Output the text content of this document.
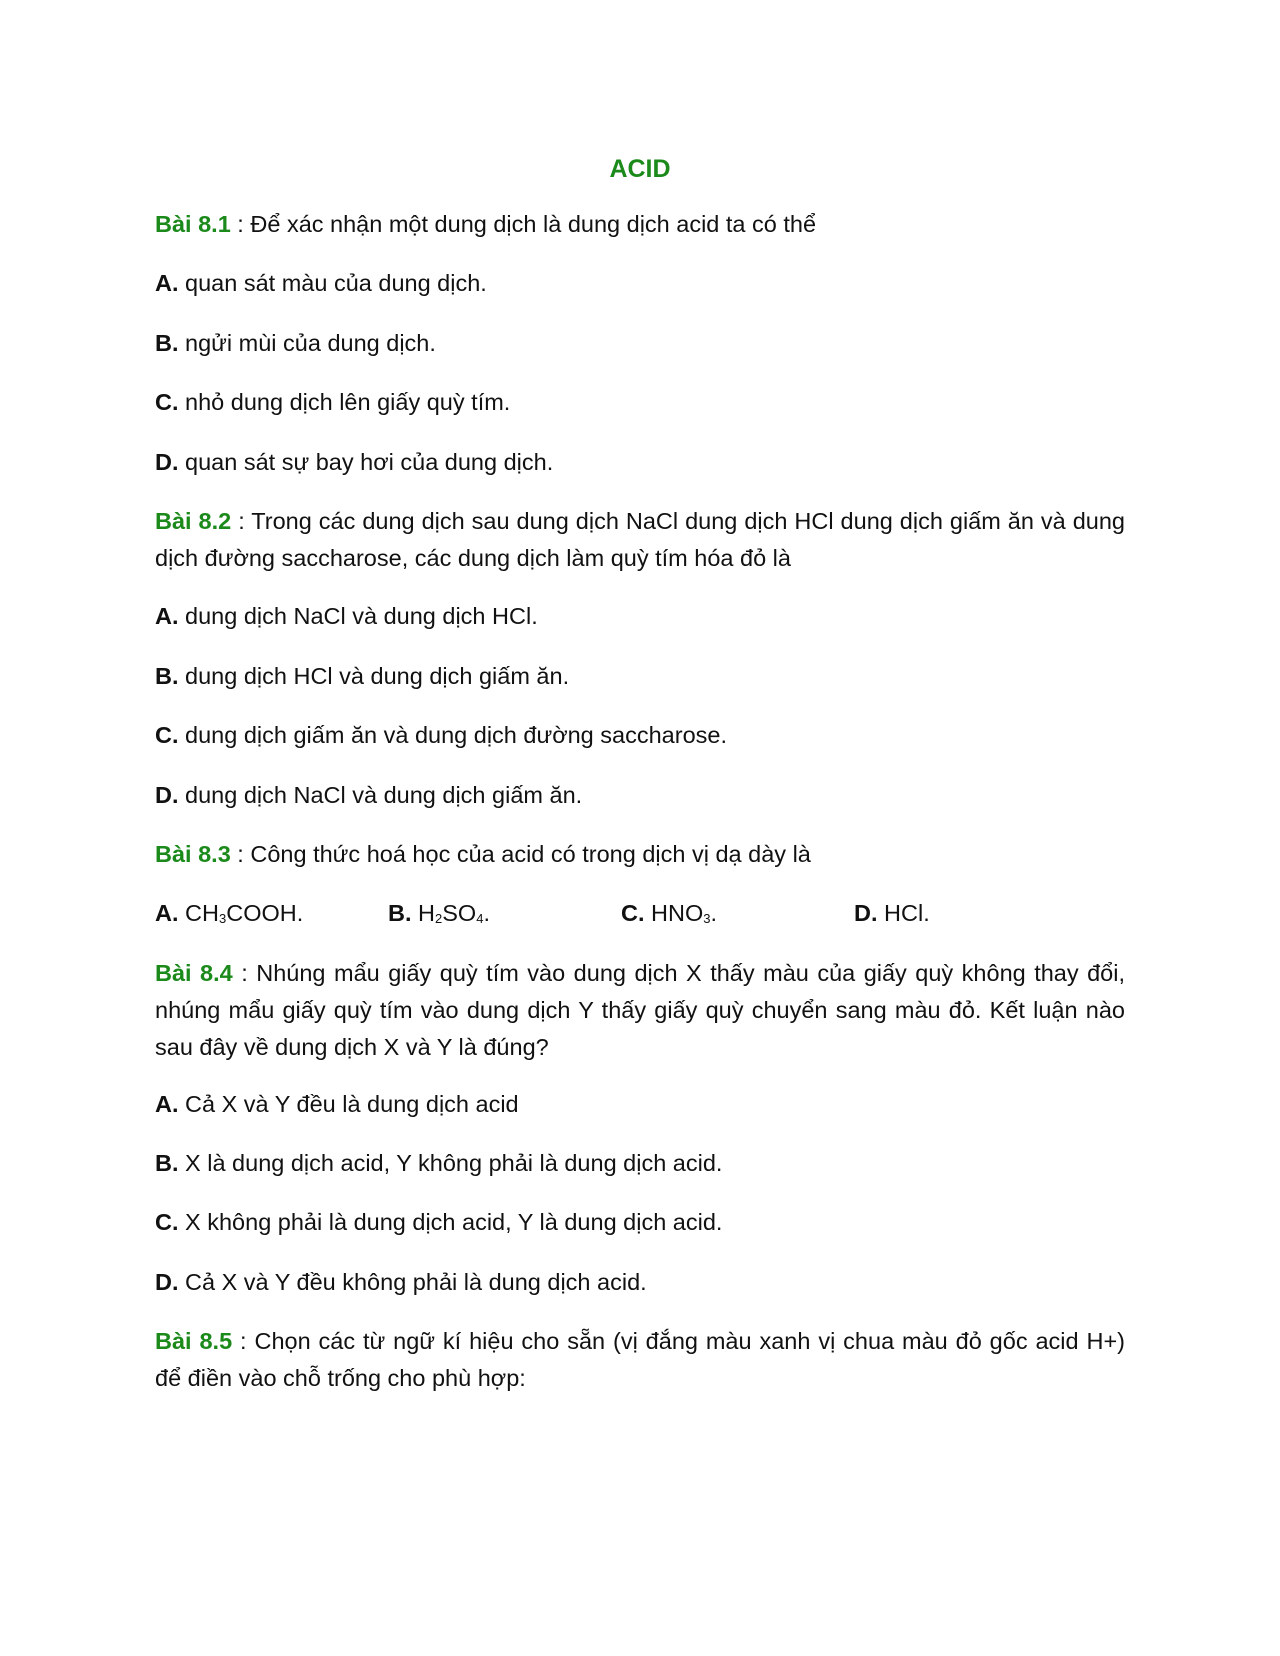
ACID
Bài 8.1 : Để xác nhận một dung dịch là dung dịch acid ta có thể
A. quan sát màu của dung dịch.
B. ngửi mùi của dung dịch.
C. nhỏ dung dịch lên giấy quỳ tím.
D. quan sát sự bay hơi của dung dịch.
Bài 8.2 : Trong các dung dịch sau dung dịch NaCl dung dịch HCl dung dịch giấm ăn và dung dịch đường saccharose, các dung dịch làm quỳ tím hóa đỏ là
A. dung dịch NaCl và dung dịch HCl.
B. dung dịch HCl và dung dịch giấm ăn.
C. dung dịch giấm ăn và dung dịch đường saccharose.
D. dung dịch NaCl và dung dịch giấm ăn.
Bài 8.3 : Công thức hoá học của acid có trong dịch vị dạ dày là
A. CH3COOH.	B. H2SO4.	C. HNO3.	D. HCl.
Bài 8.4 : Nhúng mẩu giấy quỳ tím vào dung dịch X thấy màu của giấy quỳ không thay đổi, nhúng mẩu giấy quỳ tím vào dung dịch Y thấy giấy quỳ chuyển sang màu đỏ. Kết luận nào sau đây về dung dịch X và Y là đúng?
A. Cả X và Y đều là dung dịch acid
B. X là dung dịch acid, Y không phải là dung dịch acid.
C. X không phải là dung dịch acid, Y là dung dịch acid.
D. Cả X và Y đều không phải là dung dịch acid.
Bài 8.5 : Chọn các từ ngữ kí hiệu cho sẵn (vị đắng màu xanh vị chua màu đỏ gốc acid H+) để điền vào chỗ trống cho phù hợp:
